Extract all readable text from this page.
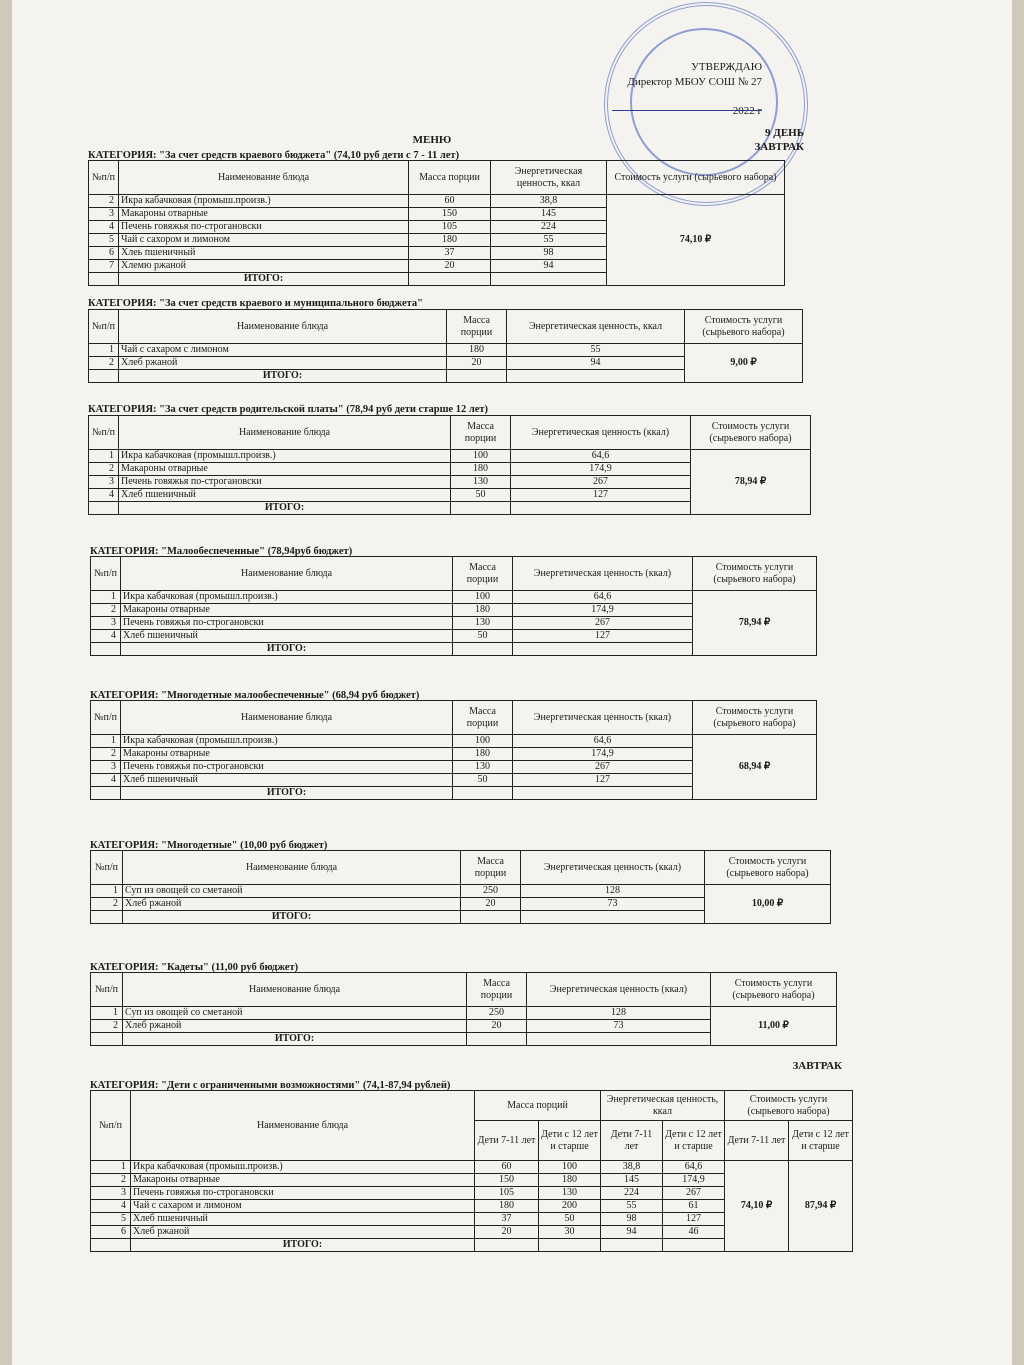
УТВЕРЖДАЮ
Директор МБОУ СОШ № 27
2022 г
9 ДЕНЬ
ЗАВТРАК
МЕНЮ
ЗАВТРАК
КАТЕГОРИЯ: "За счет средств краевого бюджета" (74,10 руб дети с 7 - 11 лет)
№п/п	Наименование блюда	Масса порции	Энергетическая ценность, ккал	Стоимость услуги (сырьевого набора)
2	Икра кабачковая (промыш.произв.)	60	38,8	74,10 ₽
3	Макароны отварные	150	145	
4	Печень говяжья по-строгановски	105	224	
5	Чай с сахором и лимоном	180	55	
6	Хлеь пшеничный	37	98	
7	Хлемю ржаной	20	94	
	ИТОГО:			
КАТЕГОРИЯ: "За счет средств краевого и муниципального бюджета"
№п/п	Наименование блюда	Масса порции	Энергетическая ценность, ккал	Стоимость услуги (сырьевого набора)
1	Чай с сахаром с лимоном	180	55	9,00 ₽
2	Хлеб ржаной	20	94	
	ИТОГО:			
КАТЕГОРИЯ: "За счет средств родительской платы" (78,94 руб дети старше 12 лет)
№п/п	Наименование блюда	Масса порции	Энергетическая ценность (ккал)	Стоимость услуги (сырьевого набора)
1	Икра кабачковая (промышл.произв.)	100	64,6	78,94 ₽
2	Макароны отварные	180	174,9	
3	Печень говяжья по-строгановски	130	267	
4	Хлеб пшеничный	50	127	
	ИТОГО:			
КАТЕГОРИЯ: "Малообеспеченные" (78,94руб бюджет)
№п/п	Наименование блюда	Масса порции	Энергетическая ценность (ккал)	Стоимость услуги (сырьевого набора)
1	Икра кабачковая (промышл.произв.)	100	64,6	78,94 ₽
2	Макароны отварные	180	174,9	
3	Печень говяжья по-строгановски	130	267	
4	Хлеб пшеничный	50	127	
	ИТОГО:			
КАТЕГОРИЯ: "Многодетные малообеспеченные" (68,94 руб бюджет)
№п/п	Наименование блюда	Масса порции	Энергетическая ценность (ккал)	Стоимость услуги (сырьевого набора)
1	Икра кабачковая (промышл.произв.)	100	64,6	68,94 ₽
2	Макароны отварные	180	174,9	
3	Печень говяжья по-строгановски	130	267	
4	Хлеб пшеничный	50	127	
	ИТОГО:			
КАТЕГОРИЯ: "Многодетные" (10,00 руб бюджет)
№п/п	Наименование блюда	Масса порции	Энергетическая ценность (ккал)	Стоимость услуги (сырьевого набора)
1	Суп из овощей со сметаной	250	128	10,00 ₽
2	Хлеб ржаной	20	73	
	ИТОГО:			
КАТЕГОРИЯ: "Кадеты" (11,00 руб бюджет)
№п/п	Наименование блюда	Масса порции	Энергетическая ценность (ккал)	Стоимость услуги (сырьевого набора)
1	Суп из овощей со сметаной	250	128	11,00 ₽
2	Хлеб ржаной	20	73	
	ИТОГО:			
КАТЕГОРИЯ: "Дети с ограниченными возможностями" (74,1-87,94 рублей)
№п/п	Наименование блюда	Масса порций		Энергетическая ценность, ккал		Стоимость услуги (сырьевого набора)	
		Дети 7-11 лет	Дети с 12 лет и старше	Дети 7-11 лет	Дети с 12 лет и старше	Дети 7-11 лет	Дети с 12 лет и старше
1	Икра кабачковая (промыш.произв.)	60	100	38,8	64,6	74,10 ₽	87,94 ₽
2	Макароны отварные	150	180	145	174,9		
3	Печень говяжья по-строгановски	105	130	224	267		
4	Чай с сахаром и лимоном	180	200	55	61		
5	Хлеб пшеничный	37	50	98	127		
6	Хлеб ржаной	20	30	94	46		
	ИТОГО:						
